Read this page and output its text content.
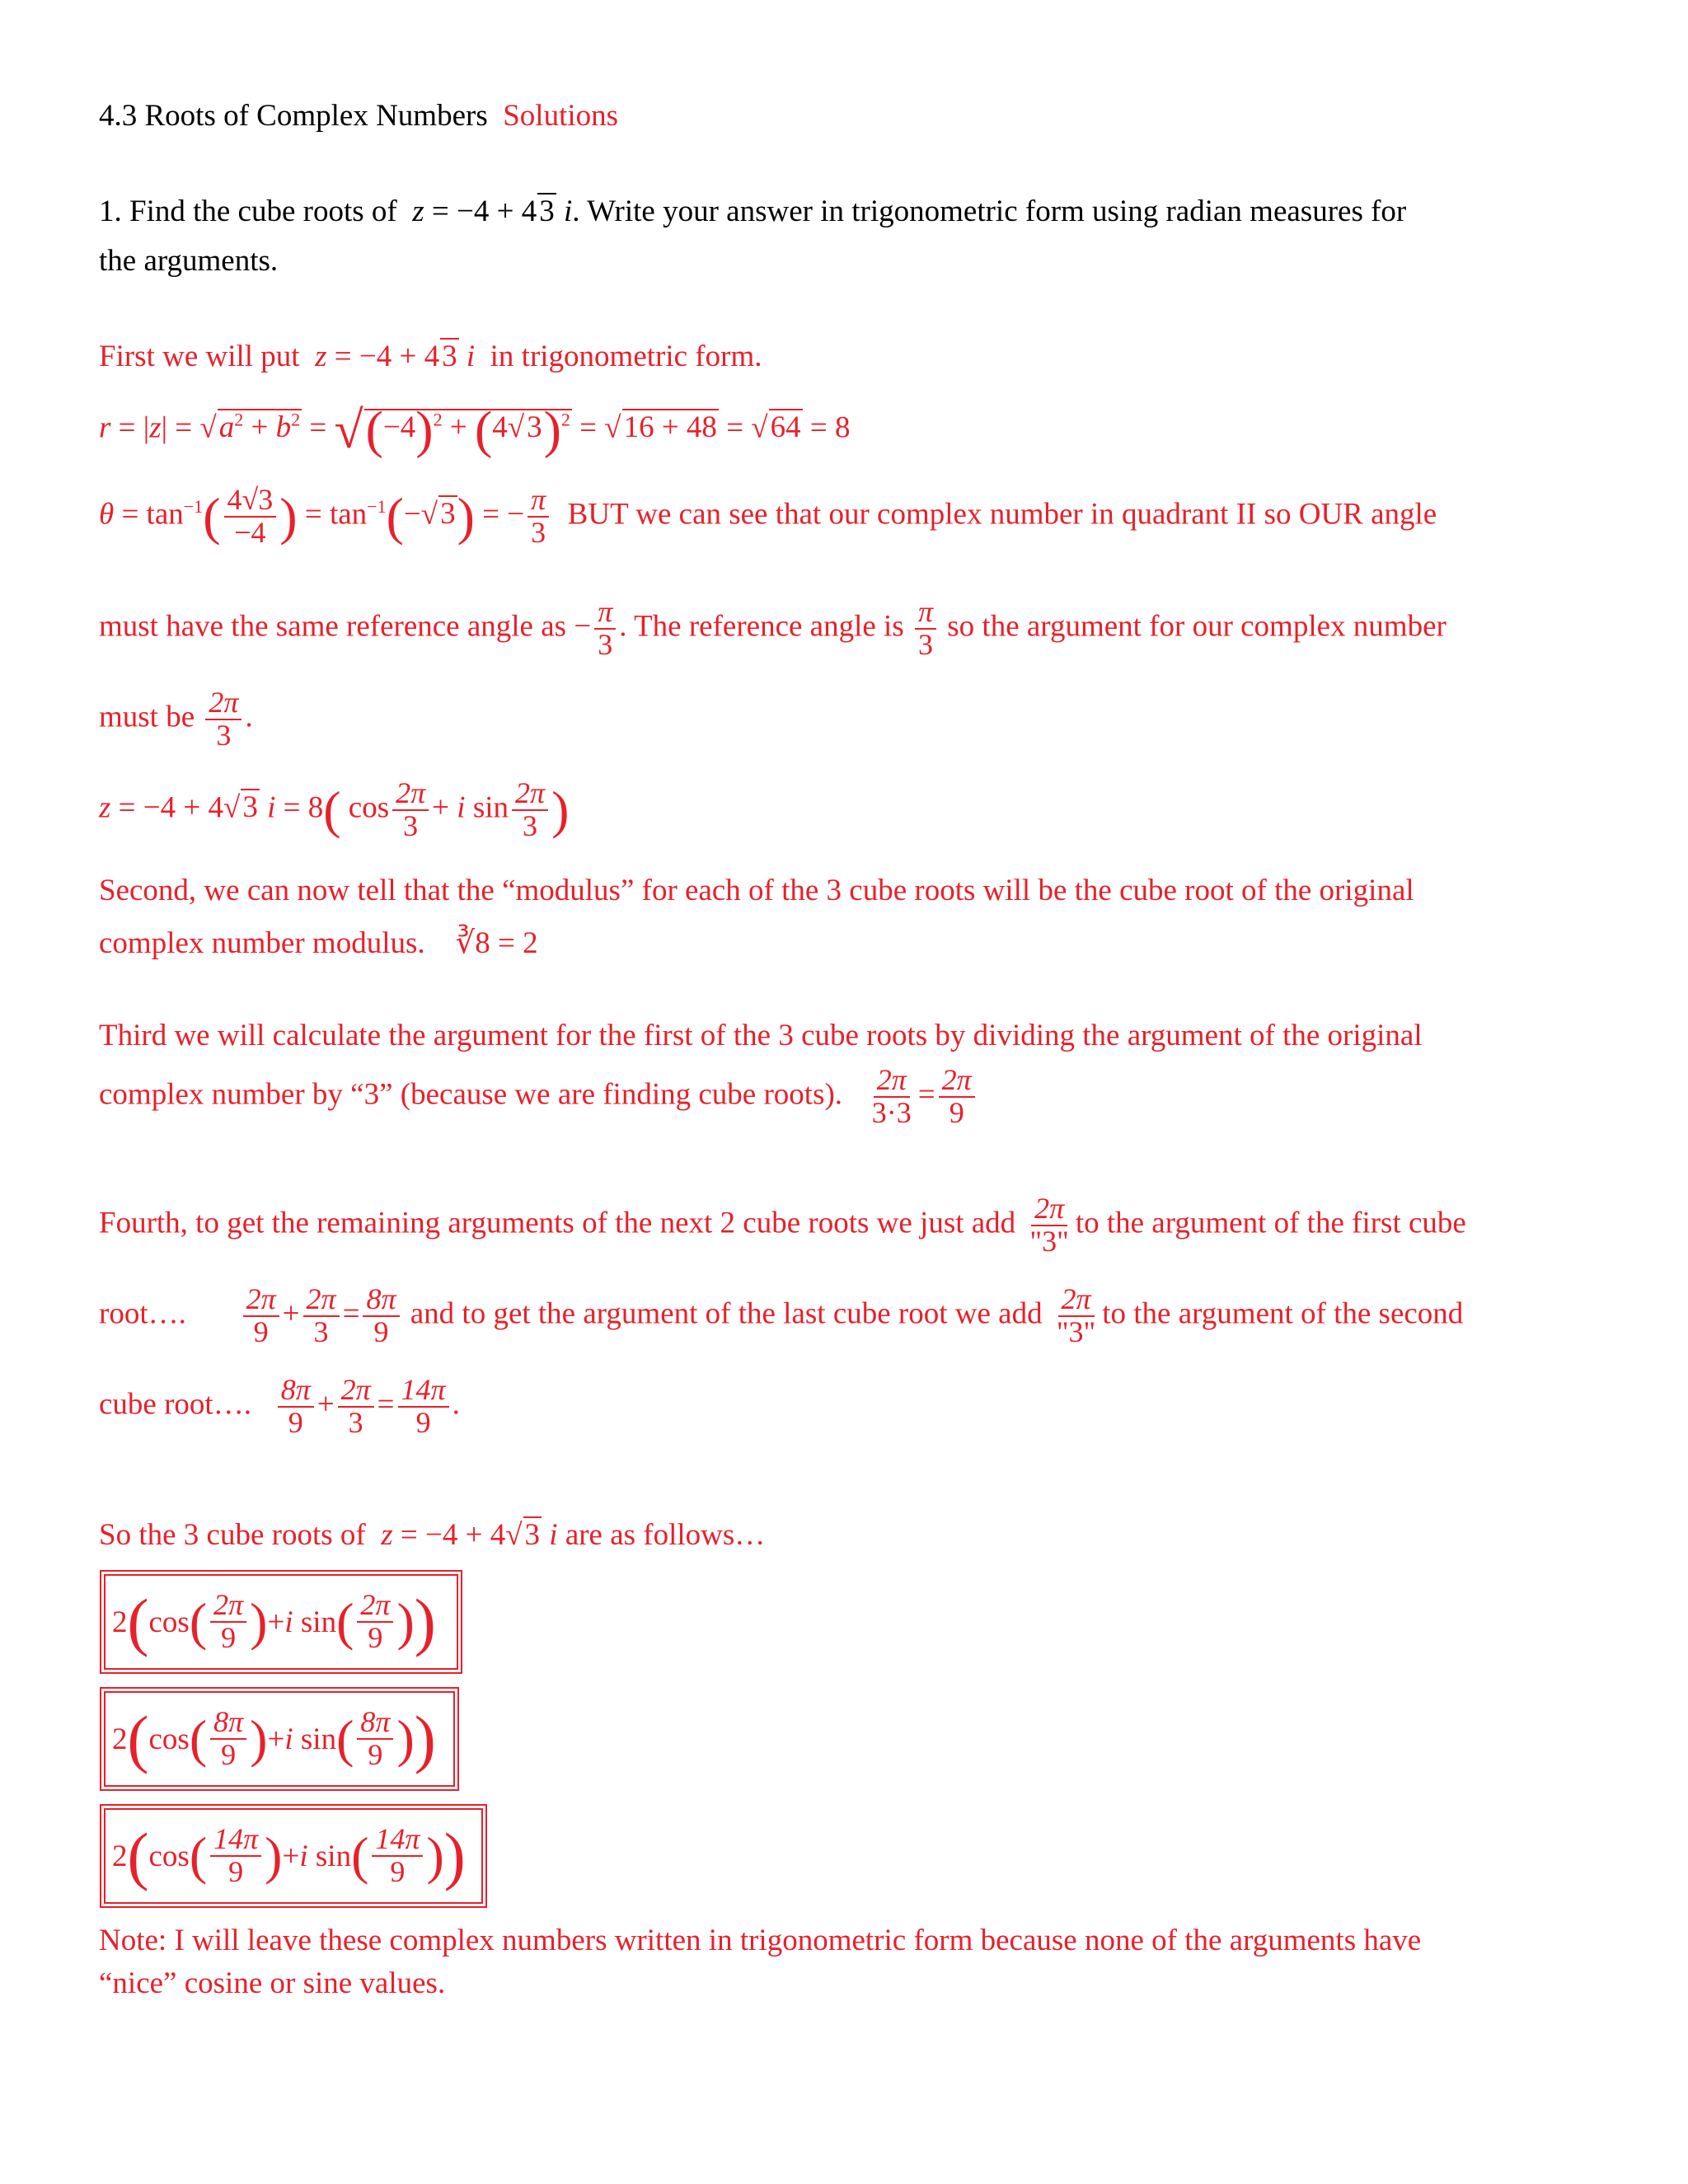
4.3 Roots of Complex Numbers Solutions
1. Find the cube roots of  z = −4 + 43 i. Write your answer in trigonometric form using radian measures for
the arguments.
First we will put  z = −4 + 43 i in trigonometric form.
$r = |z| = √a^2 + b^2 = √(-4)^2 + (4√3)^2 = √16 + 48 = √64 = 8$
$\theta = \tan^{-1}( \frac{4√3}{-4}$ ) = $\tan^{-1}(-√3)$ = − $\frac{\pi}{3}$ BUT we can see that our complex number in quadrant II so OUR angle
must have the same reference angle as − $\frac{\pi}{3}$ . The reference angle is $\frac{\pi}{3}$ so the argument for our complex number
must be $\frac{2\pi}{3}$ .
z = −4 + 4√3 i = 8( $\cos \frac{2\pi}{3} + i$ $\sin \frac{2\pi}{3}$ )
Second, we can now tell that the “modulus” for each of the 3 cube roots will be the cube root of the original
complex number modulus. ∛8 = 2
Third we will calculate the argument for the first of the 3 cube roots by dividing the argument of the original
complex number by “3” (because we are finding cube roots). $\frac{2\pi}{3\cdot 3} = \frac{2\pi}{9}$
Fourth, to get the remaining arguments of the next 2 cube roots we just add $\frac{2\pi}{"3"}$ to the argument of the first cube
root…. $\frac{2\pi}{9} + \frac{2\pi}{3} = \frac{8\pi}{9}$ and to get the argument of the last cube root we add $\frac{2\pi}{"3"}$ to the argument of the second
cube root…. $\frac{8\pi}{9} + \frac{2\pi}{3} = \frac{14\pi}{9}$ .
So the 3 cube roots of  z = −4 + 4√3 i are as follows…
2 ( cos ( $\frac{2\pi}{9}$ ) + i sin ( $\frac{2\pi}{9}$ ) )
2 ( cos ( $\frac{8\pi}{9}$ ) + i sin ( $\frac{8\pi}{9}$ ) )
2 ( cos ( $\frac{14\pi}{9}$ ) + i sin ( $\frac{14\pi}{9}$ ) )
Note: I will leave these complex numbers written in trigonometric form because none of the arguments have
“nice” cosine or sine values.
